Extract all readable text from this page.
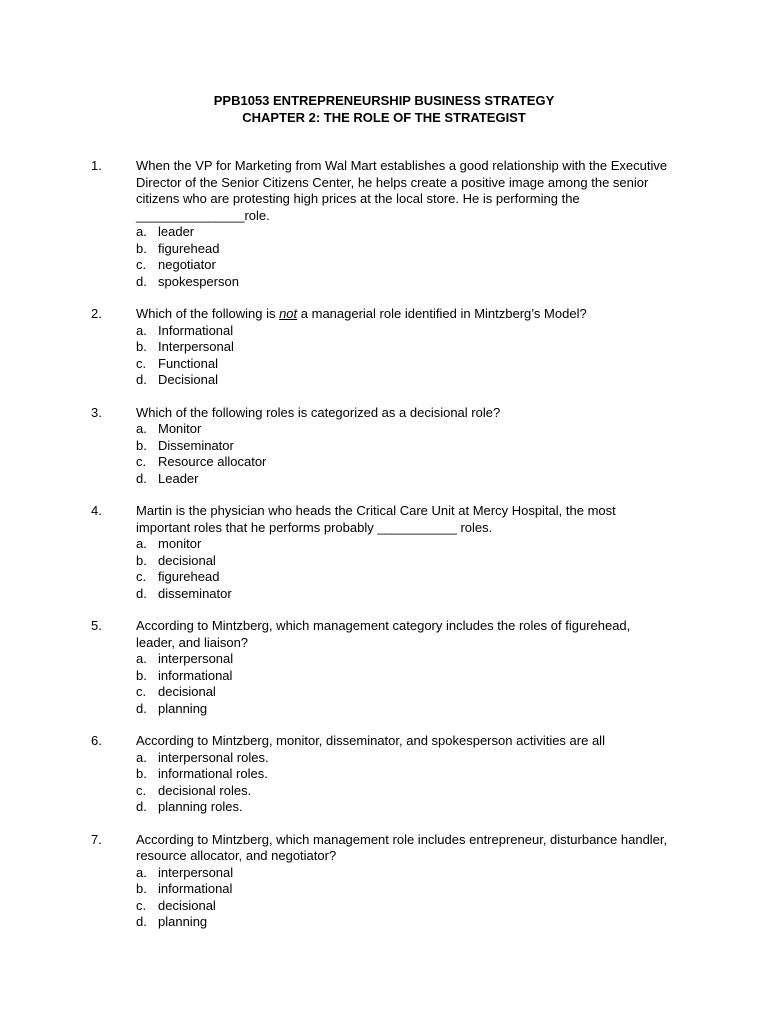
PPB1053 ENTREPRENEURSHIP BUSINESS STRATEGY
CHAPTER 2: THE ROLE OF THE STRATEGIST
1.	When the VP for Marketing from Wal Mart establishes a good relationship with the Executive Director of the Senior Citizens Center, he helps create a positive image among the senior citizens who are protesting high prices at the local store. He is performing the _______________role.
a. leader
b. figurehead
c. negotiator
d. spokesperson
2.	Which of the following is not a managerial role identified in Mintzberg’s Model?
a. Informational
b. Interpersonal
c. Functional
d. Decisional
3.	Which of the following roles is categorized as a decisional role?
a. Monitor
b. Disseminator
c. Resource allocator
d. Leader
4.	Martin is the physician who heads the Critical Care Unit at Mercy Hospital, the most important roles that he performs probably ___________ roles.
a. monitor
b. decisional
c. figurehead
d. disseminator
5.	According to Mintzberg, which management category includes the roles of figurehead, leader, and liaison?
a. interpersonal
b. informational
c. decisional
d. planning
6.	According to Mintzberg, monitor, disseminator, and spokesperson activities are all
a. interpersonal roles.
b. informational roles.
c. decisional roles.
d. planning roles.
7.	According to Mintzberg, which management role includes entrepreneur, disturbance handler, resource allocator, and negotiator?
a. interpersonal
b. informational
c. decisional
d. planning
